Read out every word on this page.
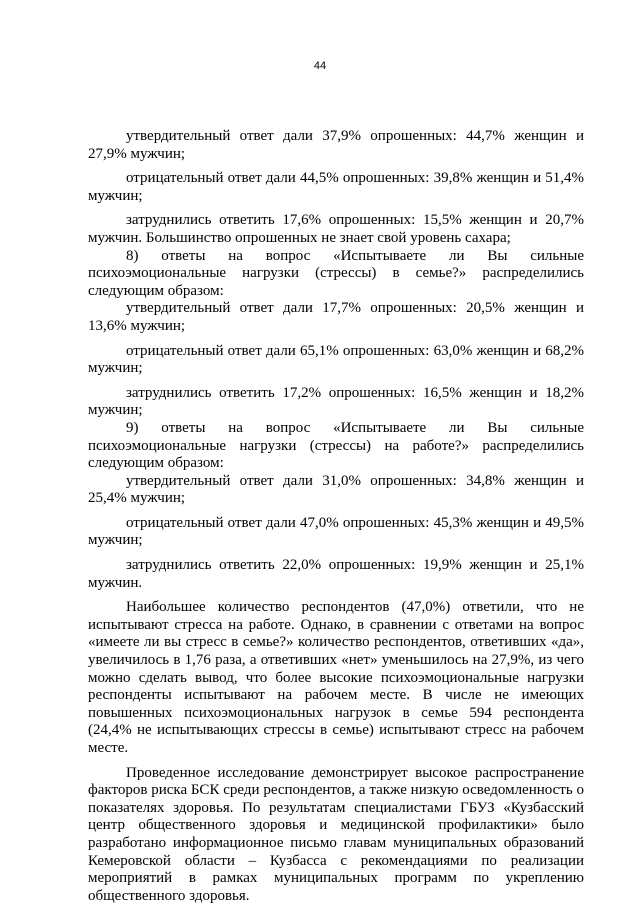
44

утвердительный ответ дали 37,9% опрошенных: 44,7% женщин и 27,9% мужчин;

отрицательный ответ дали 44,5% опрошенных: 39,8% женщин и 51,4% мужчин;

затруднились ответить 17,6% опрошенных: 15,5% женщин и 20,7% мужчин. Большинство опрошенных не знает свой уровень сахара;

8) ответы на вопрос «Испытываете ли Вы сильные психоэмоциональные нагрузки (стрессы) в семье?» распределились следующим образом:

утвердительный ответ дали 17,7% опрошенных: 20,5% женщин и 13,6% мужчин;

отрицательный ответ дали 65,1% опрошенных: 63,0% женщин и 68,2% мужчин;

затруднились ответить 17,2% опрошенных: 16,5% женщин и 18,2% мужчин;

9) ответы на вопрос «Испытываете ли Вы сильные психоэмоциональные нагрузки (стрессы) на работе?» распределились следующим образом:

утвердительный ответ дали 31,0% опрошенных: 34,8% женщин и 25,4% мужчин;

отрицательный ответ дали 47,0% опрошенных: 45,3% женщин и 49,5% мужчин;

затруднились ответить 22,0% опрошенных: 19,9% женщин и 25,1% мужчин.

Наибольшее количество респондентов (47,0%) ответили, что не испытывают стресса на работе. Однако, в сравнении с ответами на вопрос «имеете ли вы стресс в семье?» количество респондентов, ответивших «да», увеличилось в 1,76 раза, а ответивших «нет» уменьшилось на 27,9%, из чего можно сделать вывод, что более высокие психоэмоциональные нагрузки респонденты испытывают на рабочем месте. В числе не имеющих повышенных психоэмоциональных нагрузок в семье 594 респондента (24,4% не испытывающих стрессы в семье) испытывают стресс на рабочем месте.

Проведенное исследование демонстрирует высокое распространение факторов риска БСК среди респондентов, а также низкую осведомленность о показателях здоровья. По результатам специалистами ГБУЗ «Кузбасский центр общественного здоровья и медицинской профилактики» было разработано информационное письмо главам муниципальных образований Кемеровской области – Кузбасса с рекомендациями по реализации мероприятий в рамках муниципальных программ по укреплению общественного здоровья.
